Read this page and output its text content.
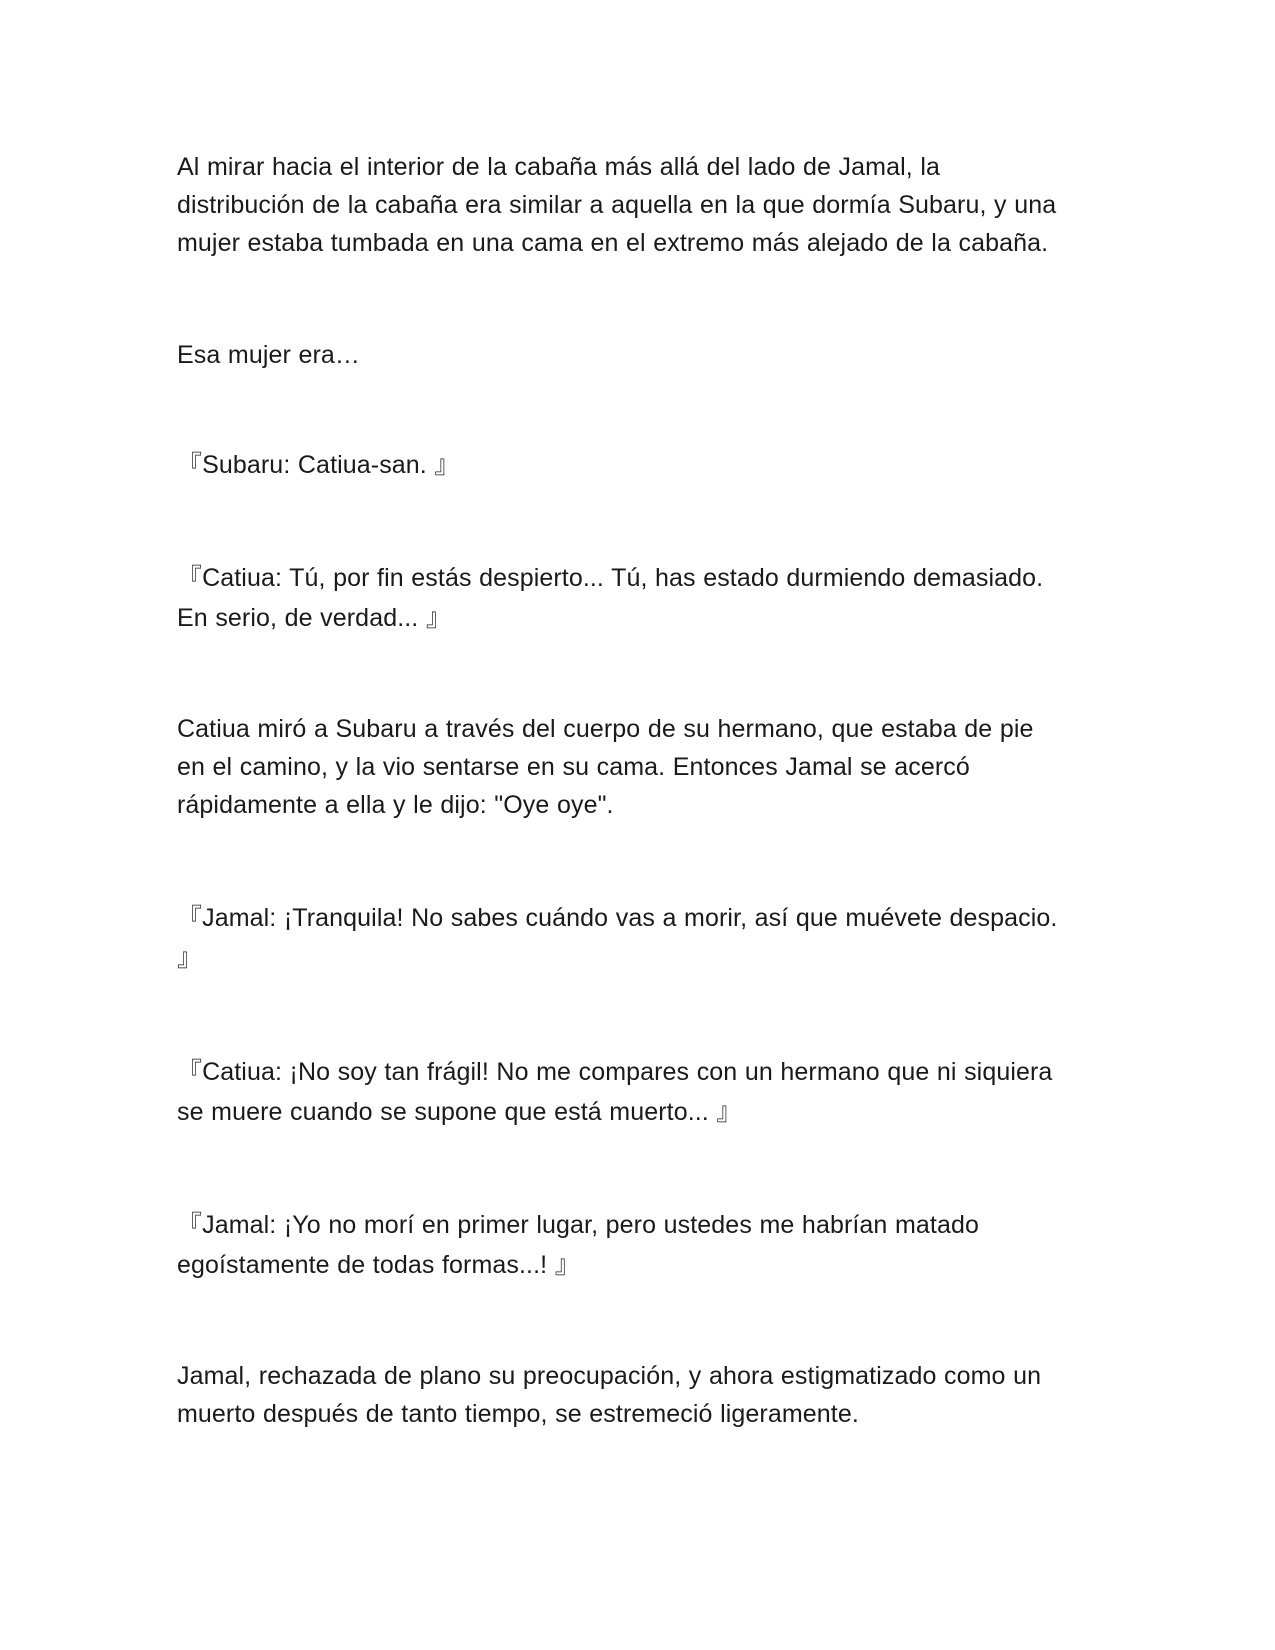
Al mirar hacia el interior de la cabaña más allá del lado de Jamal, la
distribución de la cabaña era similar a aquella en la que dormía Subaru, y una
mujer estaba tumbada en una cama en el extremo más alejado de la cabaña.

Esa mujer era…

『Subaru: Catiua-san. 』

『Catiua: Tú, por fin estás despierto... Tú, has estado durmiendo demasiado.
En serio, de verdad... 』

Catiua miró a Subaru a través del cuerpo de su hermano, que estaba de pie
en el camino, y la vio sentarse en su cama. Entonces Jamal se acercó
rápidamente a ella y le dijo: "Oye oye".

『Jamal: ¡Tranquila! No sabes cuándo vas a morir, así que muévete despacio.
』

『Catiua: ¡No soy tan frágil! No me compares con un hermano que ni siquiera
se muere cuando se supone que está muerto... 』

『Jamal: ¡Yo no morí en primer lugar, pero ustedes me habrían matado
egoístamente de todas formas...! 』

Jamal, rechazada de plano su preocupación, y ahora estigmatizado como un
muerto después de tanto tiempo, se estremeció ligeramente.
